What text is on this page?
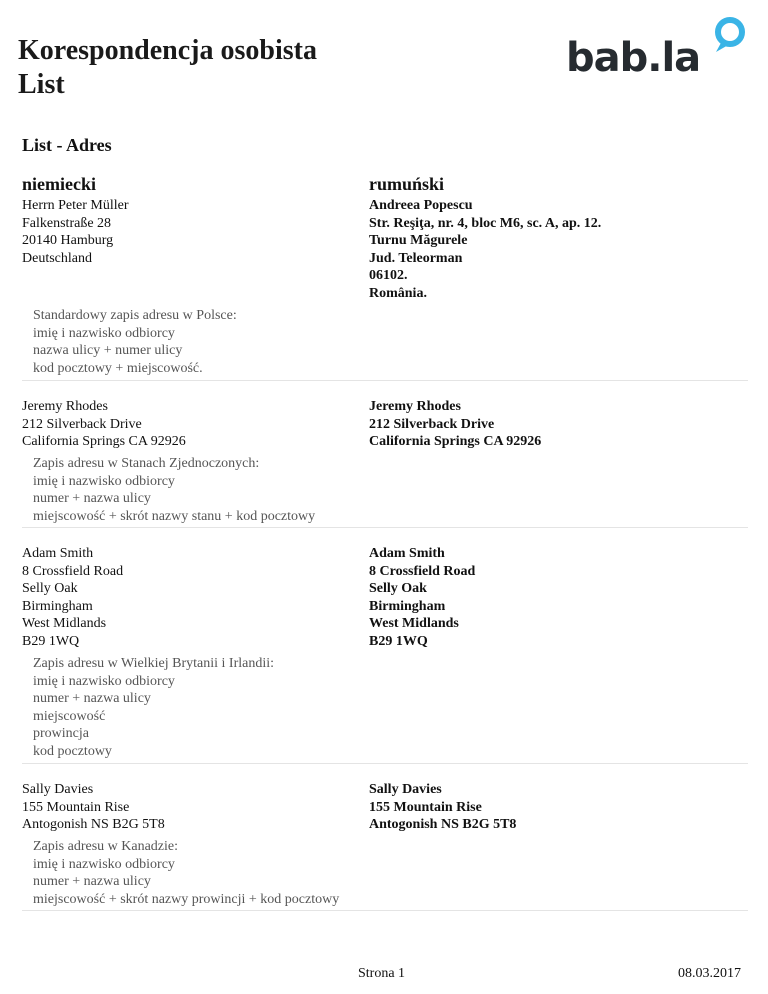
Korespondencja osobista
List
bab.la
List - Adres
niemiecki	rumuński
Herrn Peter Müller
Falkenstraße 28
20140 Hamburg
Deutschland
Andreea Popescu
Str. Reşiţa, nr. 4, bloc M6, sc. A, ap. 12.
Turnu Măgurele
Jud. Teleorman
06102.
România.
Standardowy zapis adresu w Polsce:
imię i nazwisko odbiorcy
nazwa ulicy + numer ulicy
kod pocztowy + miejscowość.
Jeremy Rhodes
212 Silverback Drive
California Springs CA 92926
Jeremy Rhodes
212 Silverback Drive
California Springs CA 92926
Zapis adresu w Stanach Zjednoczonych:
imię i nazwisko odbiorcy
numer + nazwa ulicy
miejscowość + skrót nazwy stanu + kod pocztowy
Adam Smith
8 Crossfield Road
Selly Oak
Birmingham
West Midlands
B29 1WQ
Adam Smith
8 Crossfield Road
Selly Oak
Birmingham
West Midlands
B29 1WQ
Zapis adresu w Wielkiej Brytanii i Irlandii:
imię i nazwisko odbiorcy
numer + nazwa ulicy
miejscowość
prowincja
kod pocztowy
Sally Davies
155 Mountain Rise
Antogonish NS B2G 5T8
Sally Davies
155 Mountain Rise
Antogonish NS B2G 5T8
Zapis adresu w Kanadzie:
imię i nazwisko odbiorcy
numer + nazwa ulicy
miejscowość + skrót nazwy prowincji + kod pocztowy
Strona 1	08.03.2017
